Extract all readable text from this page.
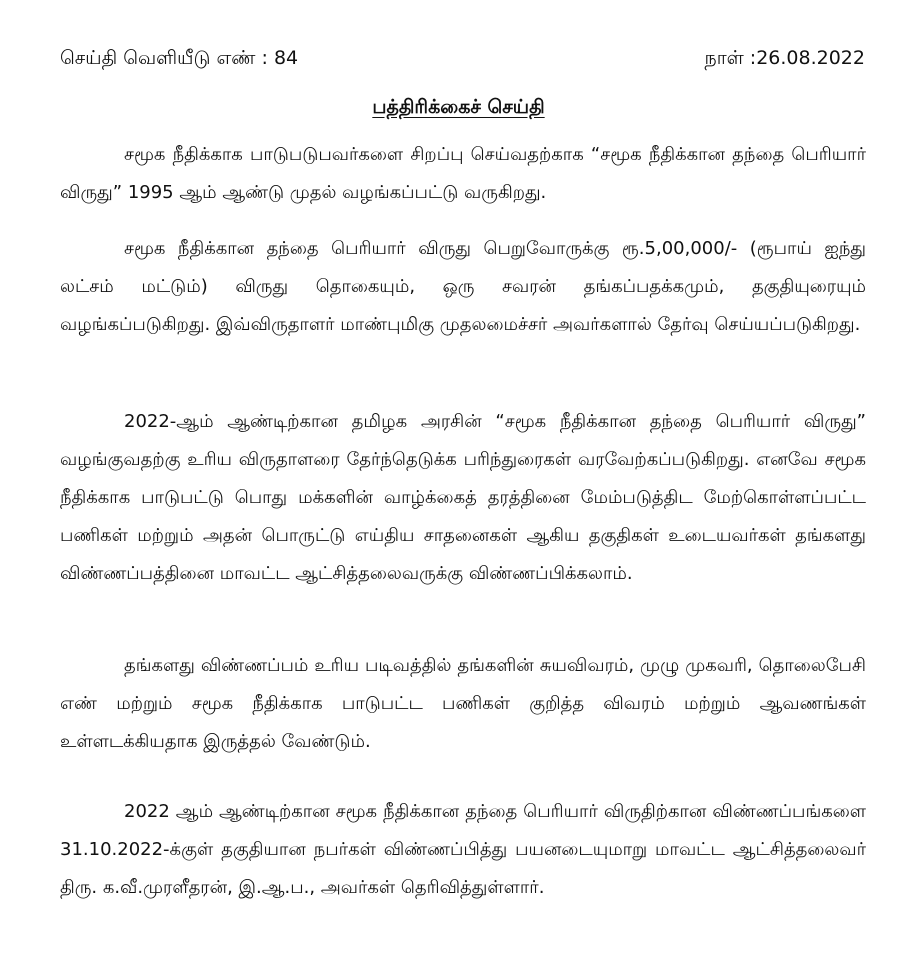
செய்தி வெளியீடு எண் : 84	நாள் :26.08.2022
பத்திரிக்கைச் செய்தி

சமூக நீதிக்காக பாடுபடுபவர்களை சிறப்பு செய்வதற்காக “சமூக நீதிக்கான தந்தை பெரியார் விருது” 1995 ஆம் ஆண்டு முதல் வழங்கப்பட்டு வருகிறது.

சமூக நீதிக்கான தந்தை பெரியார் விருது பெறுவோருக்கு ரூ.5,00,000/- (ரூபாய் ஐந்து லட்சம் மட்டும்) விருது தொகையும், ஒரு சவரன் தங்கப்பதக்கமும், தகுதியுரையும் வழங்கப்படுகிறது. இவ்விருதாளர் மாண்புமிகு முதலமைச்சர் அவர்களால் தேர்வு செய்யப்படுகிறது.

2022-ஆம் ஆண்டிற்கான தமிழக அரசின் “சமூக நீதிக்கான தந்தை பெரியார் விருது” வழங்குவதற்கு உரிய விருதாளரை தேர்ந்தெடுக்க பரிந்துரைகள் வரவேற்கப்படுகிறது. எனவே சமூக நீதிக்காக பாடுபட்டு பொது மக்களின் வாழ்க்கைத் தரத்தினை மேம்படுத்திட மேற்கொள்ளப்பட்ட பணிகள் மற்றும் அதன் பொருட்டு எய்திய சாதனைகள் ஆகிய தகுதிகள் உடையவர்கள் தங்களது விண்ணப்பத்தினை மாவட்ட ஆட்சித்தலைவருக்கு விண்ணப்பிக்கலாம்.

தங்களது விண்ணப்பம் உரிய படிவத்தில் தங்களின் சுயவிவரம், முழு முகவரி, தொலைபேசி எண் மற்றும் சமூக நீதிக்காக பாடுபட்ட பணிகள் குறித்த விவரம் மற்றும் ஆவணங்கள் உள்ளடக்கியதாக இருத்தல் வேண்டும்.

2022 ஆம் ஆண்டிற்கான சமூக நீதிக்கான தந்தை பெரியார் விருதிற்கான விண்ணப்பங்களை 31.10.2022-க்குள் தகுதியான நபர்கள் விண்ணப்பித்து பயனடையுமாறு மாவட்ட ஆட்சித்தலைவர் திரு. க.வீ.முரளீதரன், இ.ஆ.ப., அவர்கள் தெரிவித்துள்ளார்.
